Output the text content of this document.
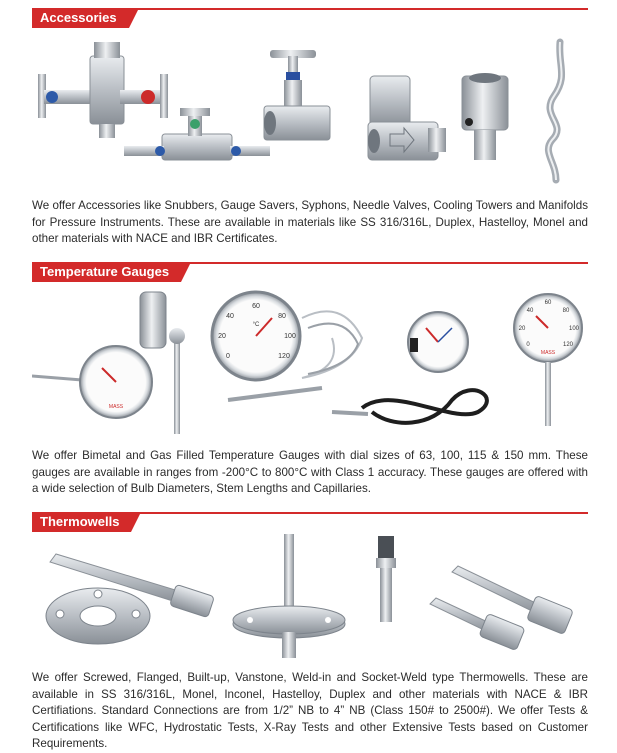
Accessories

We offer Accessories like Snubbers, Gauge Savers, Syphons, Needle Valves, Cooling Towers and Manifolds for Pressure Instruments. These are available in materials like SS 316/316L, Duplex, Hastelloy, Monel and other materials with NACE and IBR Certificates.

Temperature Gauges
MASS
0
20
40
60
80
100
120
°C
0
20
40
60
80
100
120
MASS

We offer Bimetal and Gas Filled Temperature Gauges with dial sizes of 63, 100, 115 & 150 mm. These gauges are available in ranges from -200°C to 800°C with Class 1 accuracy. These gauges are offered with a wide selection of Bulb Diameters, Stem Lengths and Capillaries.

Thermowells

We offer Screwed, Flanged, Built-up, Vanstone, Weld-in and Socket-Weld type Thermowells. These are available in SS 316/316L, Monel, Inconel, Hastelloy, Duplex and other materials with NACE & IBR Certifiations. Standard Connections are from 1/2” NB to 4” NB (Class 150# to 2500#). We offer Tests & Certifications like WFC, Hydrostatic Tests, X-Ray Tests and other Extensive Tests based on Customer Requirements.
